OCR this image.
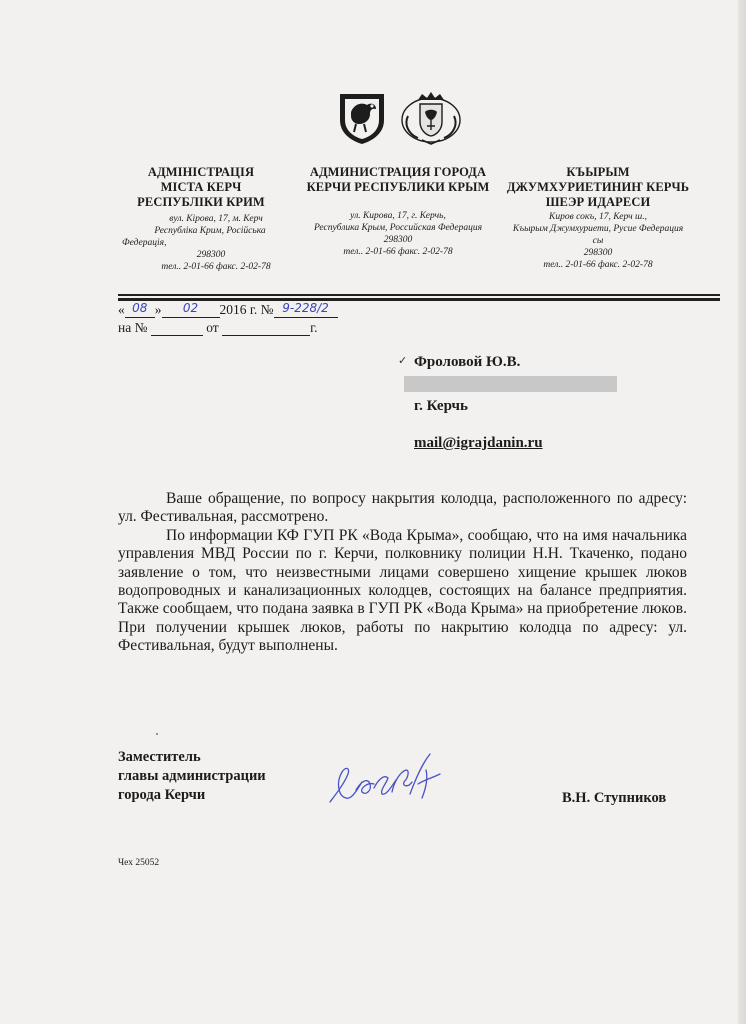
АДМІНІСТРАЦІЯ
МІСТА КЕРЧ
РЕСПУБЛІКИ КРИМ
вул. Кірова, 17, м. Керч
Республіка Крим, Російська
Федерація,
298300
тел.. 2-01-66 факс. 2-02-78
АДМИНИСТРАЦИЯ ГОРОДА
КЕРЧИ РЕСПУБЛИКИ КРЫМ
ул. Кирова, 17, г. Керчь,
Республика Крым, Российская Федерация
298300
тел.. 2-01-66 факс. 2-02-78
КЪЫРЫМ
ДЖУМХУРИЕТИНИҤ КЕРЧЬ
ШЕЭР ИДАРЕСИ
Киров сокъ, 17, Керч ш.,
Къырым Джумхуриети, Русие Федерация
сы
298300
тел.. 2-01-66 факс. 2-02-78
« 08 » 02 2016 г. № 9-228/2
на №	от	г.
✓ Фроловой Ю.В.
г. Керчь
mail@igrajdanin.ru

Ваше обращение, по вопросу накрытия колодца, расположенного по адресу: ул. Фестивальная, рассмотрено.

По информации КФ ГУП РК «Вода Крыма», сообщаю, что на имя начальника управления МВД России по г. Керчи, полковнику полиции Н.Н. Ткаченко, подано заявление о том, что неизвестными лицами совершено хищение крышек люков водопроводных и канализационных колодцев, состоящих на балансе предприятия. Также сообщаем, что подана заявка в ГУП РК «Вода Крыма» на приобретение люков. При получении крышек люков, работы по накрытию колодца по адресу: ул. Фестивальная, будут выполнены.

Заместитель
главы администрации
города Керчи	В.Н. Ступников
Чех 25052
